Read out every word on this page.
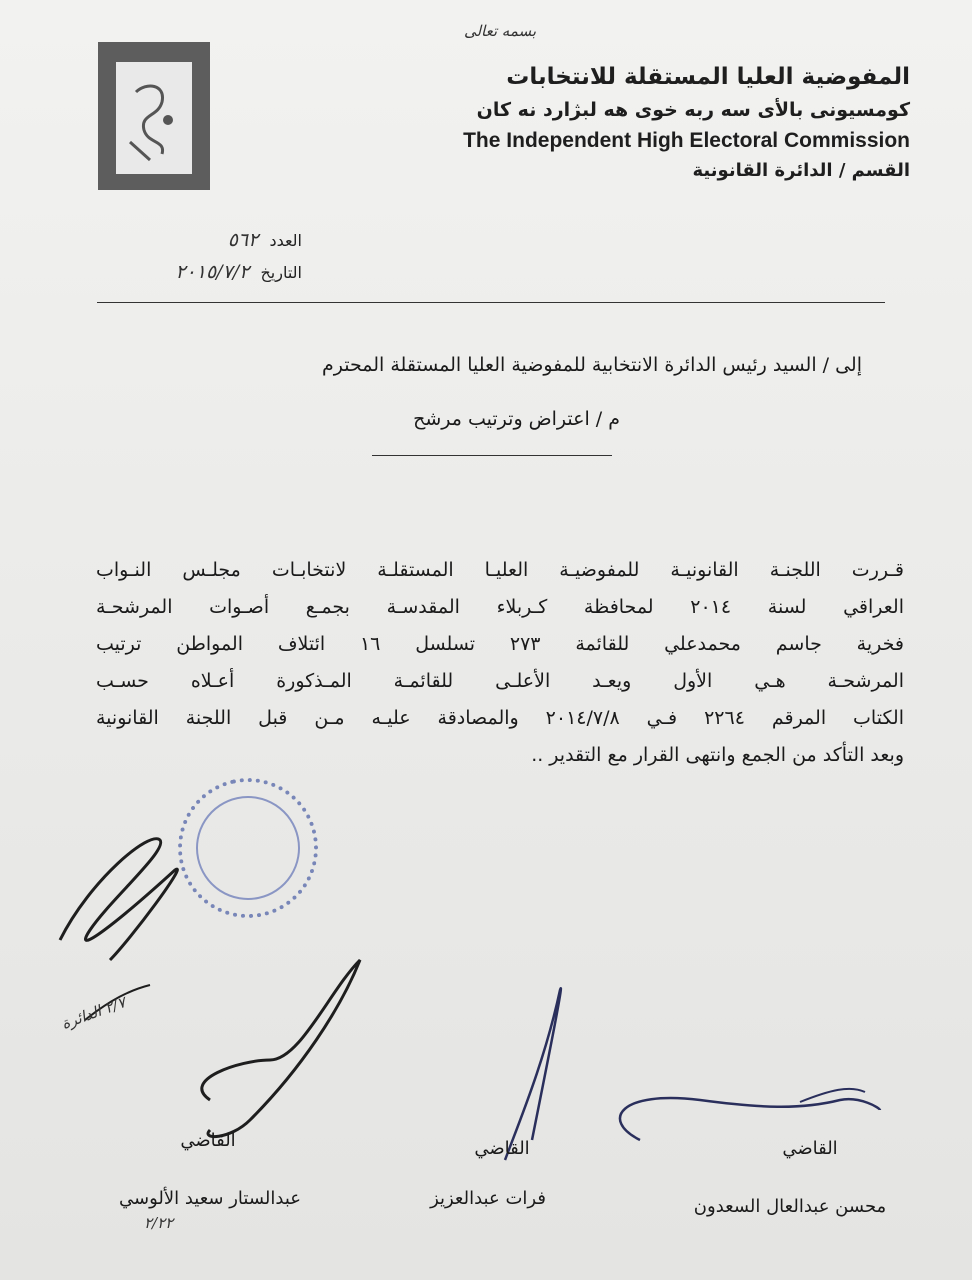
بسمه تعالى
المفوضية العليا المستقلة للانتخابات
كومسيونى بالأى سه ربه خوى هه لبژارد نه كان
The Independent High Electoral Commission
القسم / الدائرة القانونية
العدد ٥٦٢
التاريخ ٢٠١٥/٧/٢
إلى / السيد رئيس الدائرة الانتخابية للمفوضية العليا المستقلة المحترم
م / اعتراض وترتيب مرشح
قـررت اللجنـة القانونيـة للمفوضيـة العليـا المستقلـة لانتخابـات مجلـس النـواب
العراقي لسنة ٢٠١٤ لمحافظة كـربلاء المقدسـة بجمـع أصـوات المرشحـة
فخرية جاسم محمدعلي للقائمة ٢٧٣ تسلسل ١٦ ائتلاف المواطن ترتيب
المرشحـة هـي الأول ويعـد الأعلـى للقائمـة المـذكورة أعـلاه حسـب
الكتاب المرقم ٢٢٦٤ فـي ٢٠١٤/٧/٨ والمصادقة عليـه مـن قبل اللجنة القانونية
وبعد التأكد من الجمع وانتهى القرار مع التقدير ..
القاضي
محسن عبدالعال السعدون
القاضي
فرات عبدالعزيز
القاضي
عبدالستار سعيد الألوسي
٢/٢٢
٢/٧ الدائرة
